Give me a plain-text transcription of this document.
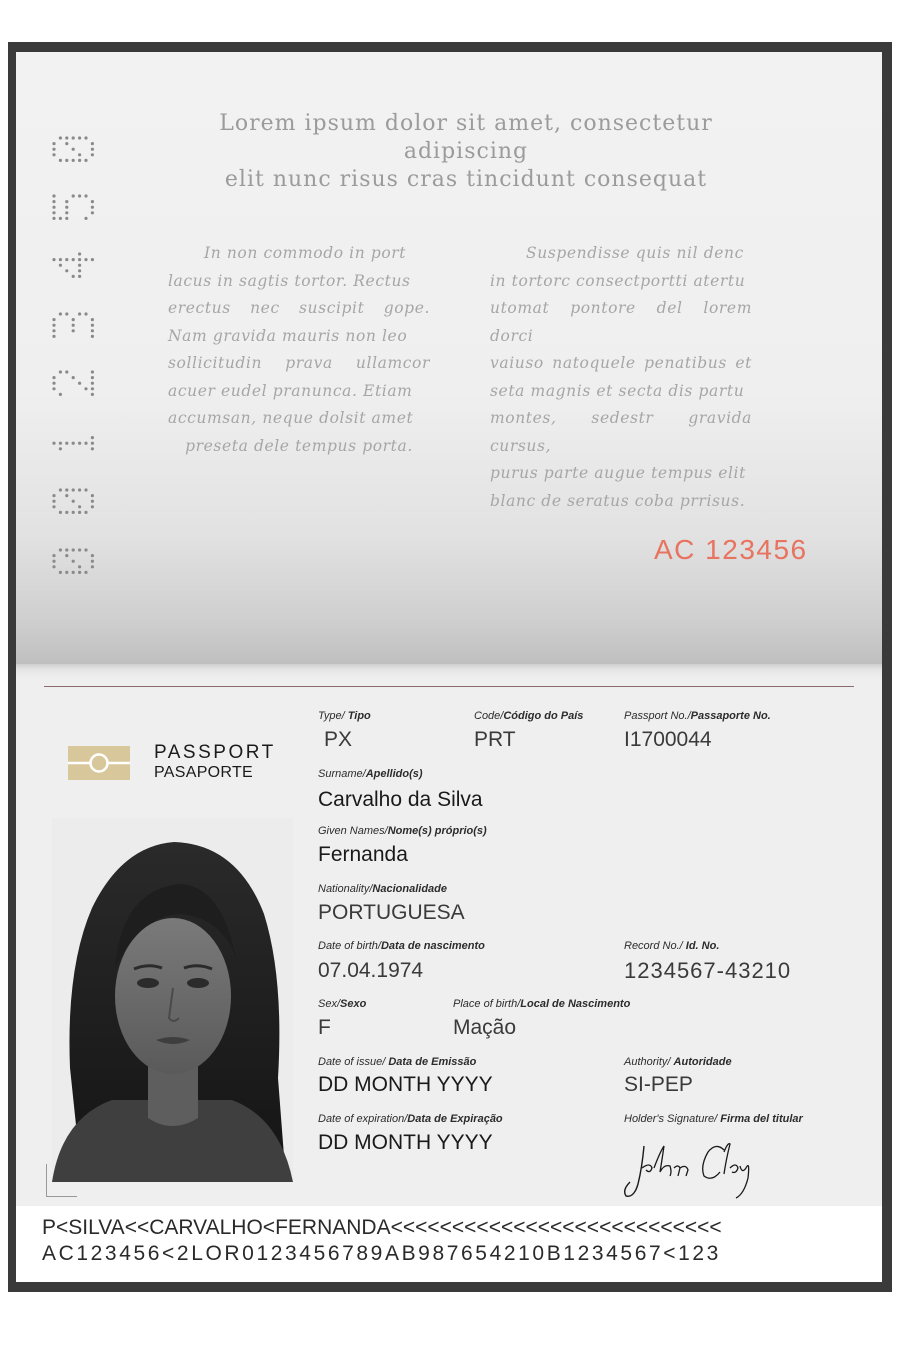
Lorem ipsum dolor sit amet, consectetur adipiscing
elit nunc risus cras tincidunt consequat

In non commodo in port

lacus in sagtis tortor. Rectus

erectus nec suscipit gope.

Nam gravida mauris non leo

sollicitudin prava ullamcor

acuer eudel pranunca. Etiam

accumsan, neque dolsit amet

preseta dele tempus porta.

Suspendisse quis nil denc

in tortorc consectportti atertu

utomat pontore del lorem dorci

vaiuso natoquele penatibus et

seta magnis et secta dis partu

montes, sedestr gravida cursus,

purus parte augue tempus elit

blanc de seratus coba prrisus.

AC 123456
PASSPORT
PASAPORTE
Type/ Tipo
PX
Code/Código do País
PRT
Passport No./Passaporte No.
I1700044
Surname/Apellido(s)
Carvalho da Silva
Given Names/Nome(s) próprio(s)
Fernanda
Nationality/Nacionalidade
PORTUGUESA
Date of birth/Data de nascimento
07.04.1974
Record No./ Id. No.
1234567-43210
Sex/Sexo
F
Place of birth/Local de Nascimento
Mação
Date of issue/ Data de Emissão
DD MONTH YYYY
Authority/ Autoridade
SI-PEP
Date of expiration/Data de Expiração
DD MONTH YYYY
Holder's Signature/ Firma del titular
P<SILVA<<CARVALHO<FERNANDA<<<<<<<<<<<<<<<<<<<<<<<<<<<
AC123456<2LOR0123456789AB987654210B1234567<123
